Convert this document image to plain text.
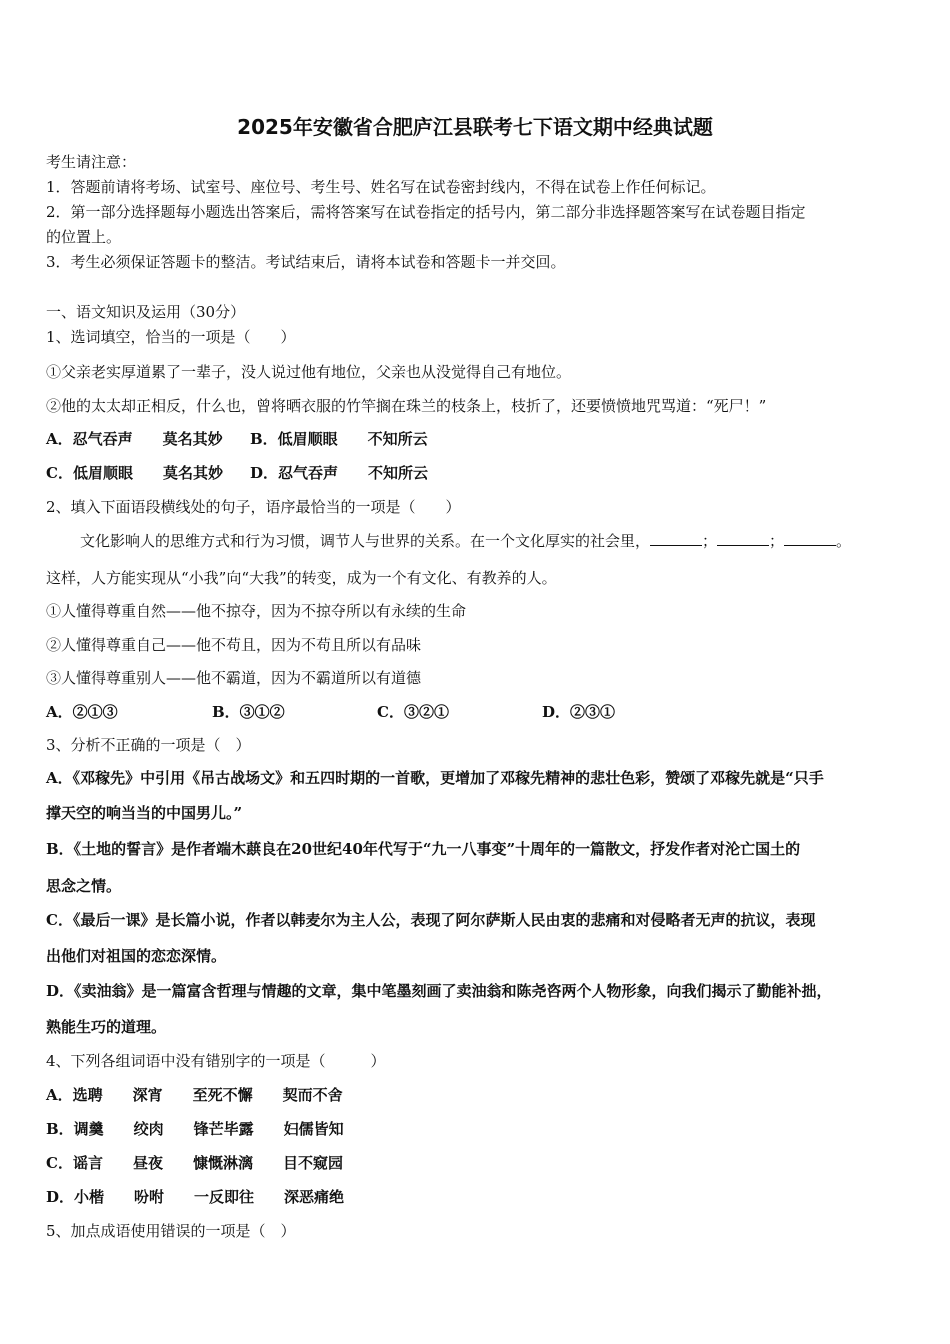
2025年安徽省合肥庐江县联考七下语文期中经典试题
考生请注意：
1．答题前请将考场、试室号、座位号、考生号、姓名写在试卷密封线内，不得在试卷上作任何标记。
2．第一部分选择题每小题选出答案后，需将答案写在试卷指定的括号内，第二部分非选择题答案写在试卷题目指定
的位置上。
3．考生必须保证答题卡的整洁。考试结束后，请将本试卷和答题卡一并交回。
一、语文知识及运用（30分）
1、选词填空，恰当的一项是（　　）
①父亲老实厚道累了一辈子，没人说过他有地位，父亲也从没觉得自己有地位。
②他的太太却正相反，什么也，曾将晒衣服的竹竿搁在珠兰的枝条上，枝折了，还要愤愤地咒骂道：“死尸！”
A．忍气吞声　　莫名其妙 B．低眉顺眼　　不知所云
C．低眉顺眼　　莫名其妙 D．忍气吞声　　不知所云
2、填入下面语段横线处的句子，语序最恰当的一项是（　　）
文化影响人的思维方式和行为习惯，调节人与世界的关系。在一个文化厚实的社会里，	；	；	。
这样，人方能实现从“小我”向“大我”的转变，成为一个有文化、有教养的人。
①人懂得尊重自然——他不掠夺，因为不掠夺所以有永续的生命
②人懂得尊重自己——他不苟且，因为不苟且所以有品味
③人懂得尊重别人——他不霸道，因为不霸道所以有道德
A．②①③	B．③①②	C．③②①	D．②③①
3、分析不正确的一项是（　）
A．《邓稼先》中引用《吊古战场文》和五四时期的一首歌，更增加了邓稼先精神的悲壮色彩，赞颂了邓稼先就是“只手
撑天空的响当当的中国男儿。”
B．《土地的誓言》是作者端木蕻良在20世纪40年代写于“九一八事变”十周年的一篇散文，抒发作者对沦亡国土的
思念之情。
C．《最后一课》是长篇小说，作者以韩麦尔为主人公，表现了阿尔萨斯人民由衷的悲痛和对侵略者无声的抗议，表现
出他们对祖国的恋恋深情。
D．《卖油翁》是一篇富含哲理与情趣的文章，集中笔墨刻画了卖油翁和陈尧咨两个人物形象，向我们揭示了勤能补拙，
熟能生巧的道理。
4、下列各组词语中没有错别字的一项是（　　　）
A．选聘　　深宵　　至死不懈　　契而不舍
B．调羹　　绞肉　　锋芒毕露　　妇儒皆知
C．谣言　　昼夜　　慷慨淋漓　　目不窥园
D．小楷　　吩咐　　一反即往　　深恶痛绝
5、加点成语使用错误的一项是（　）
